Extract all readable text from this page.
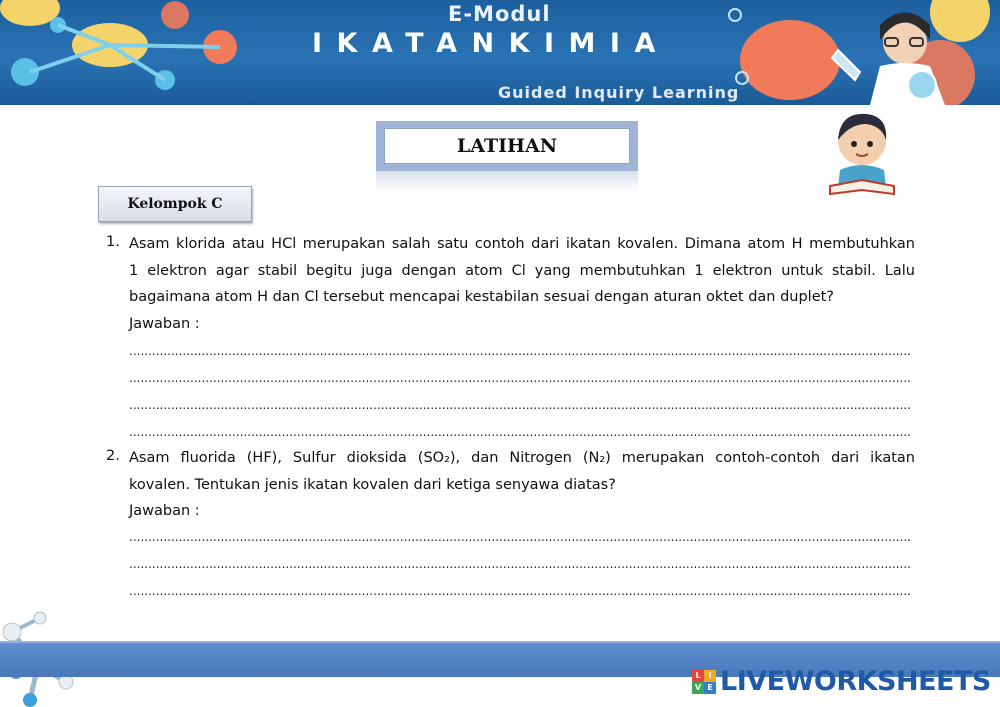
E-Modul
IKATANKIMIA
Guided Inquiry Learning
LATIHAN
Kelompok C
1. Asam klorida atau HCl merupakan salah satu contoh dari ikatan kovalen. Dimana atom H membutuhkan
1 elektron agar stabil begitu juga dengan atom Cl yang membutuhkan 1 elektron untuk stabil. Lalu
bagaimana atom H dan Cl tersebut mencapai kestabilan sesuai dengan aturan oktet dan duplet?
Jawaban :
.....
.....
.....
.....
2. Asam fluorida (HF), Sulfur dioksida (SO₂), dan Nitrogen (N₂) merupakan contoh-contoh dari ikatan
kovalen. Tentukan jenis ikatan kovalen dari ketiga senyawa diatas?
Jawaban :
.....
.....
.....
L I
V E LIVEWORKSHEETS
